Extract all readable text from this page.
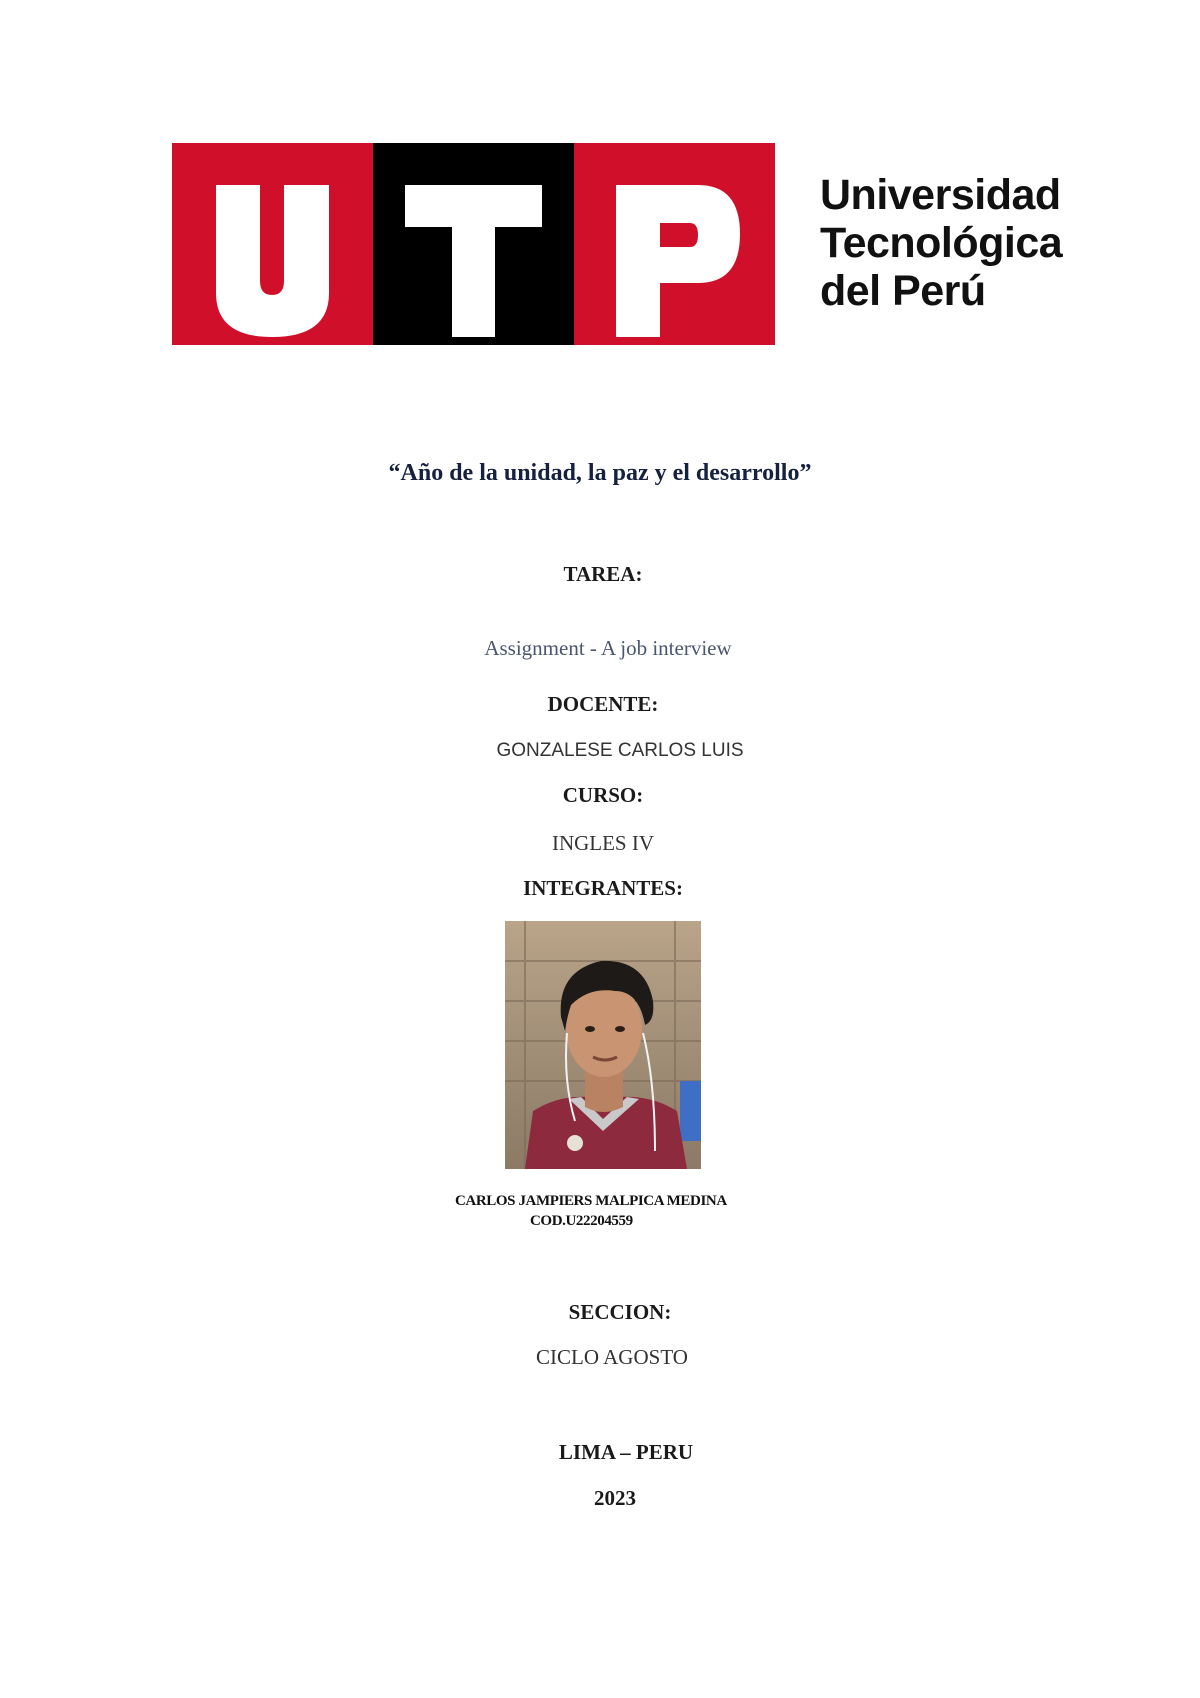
Universidad
Tecnológica
del Perú
“Año de la unidad, la paz y el desarrollo”
TAREA:
Assignment - A job interview
DOCENTE:
GONZALESE CARLOS LUIS
CURSO:
INGLES IV
INTEGRANTES:
CARLOS JAMPIERS MALPICA MEDINA
COD.U22204559
SECCION:
CICLO AGOSTO
LIMA – PERU
2023
